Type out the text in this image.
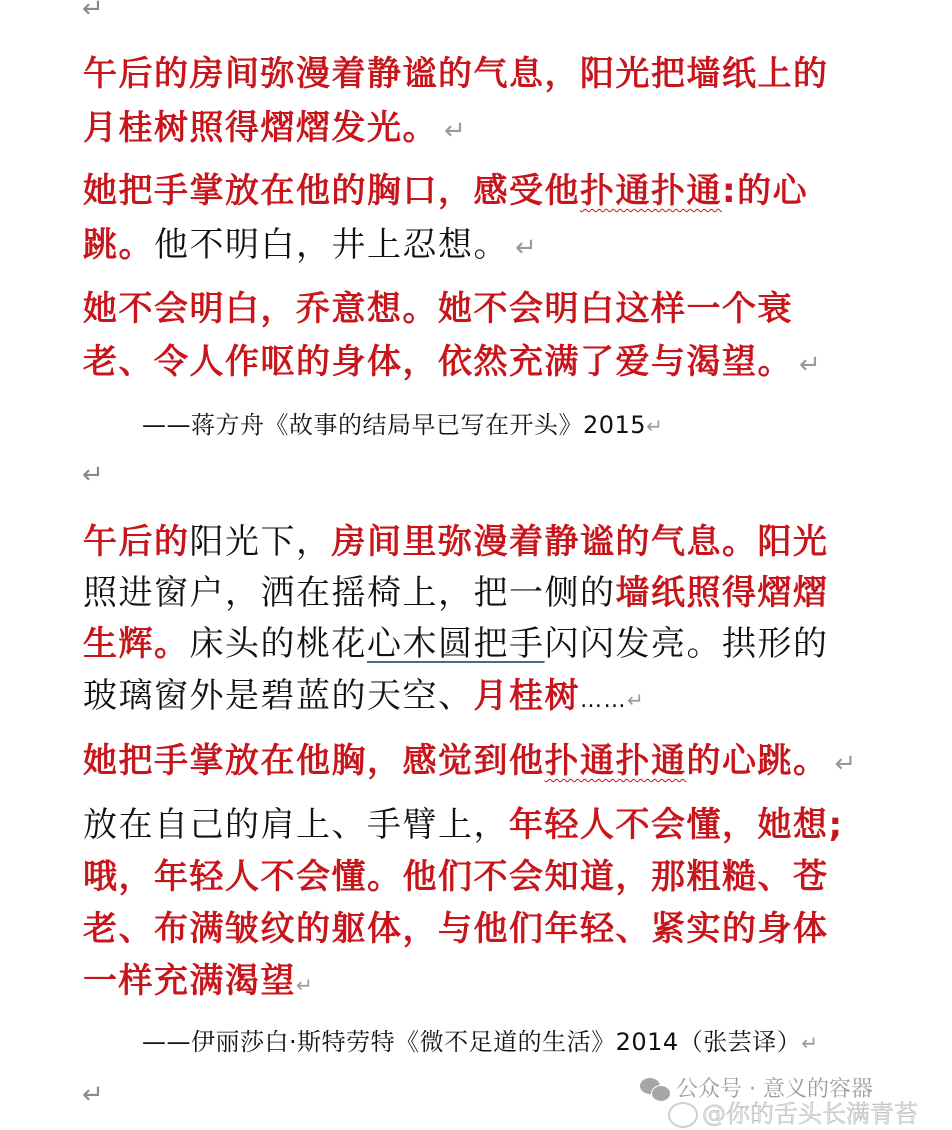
↵
午后的房间弥漫着静谧的气息，阳光把墙纸上的
月桂树照得熠熠发光。 ↵
她把手掌放在他的胸口，感受他扑通扑通:的心
跳。他不明白，井上忍想。 ↵
她不会明白，乔意想。她不会明白这样一个衰
老、令人作呕的身体，依然充满了爱与渴望。 ↵
——蒋方舟《故事的结局早已写在开头》2015↵
↵
午后的阳光下，房间里弥漫着静谧的气息。阳光
照进窗户，洒在摇椅上，把一侧的墙纸照得熠熠
生辉。床头的桃花心木圆把手闪闪发亮。拱形的
玻璃窗外是碧蓝的天空、月桂树……↵
她把手掌放在他胸，感觉到他扑通扑通的心跳。 ↵
放在自己的肩上、手臂上，年轻人不会懂，她想;
哦，年轻人不会懂。他们不会知道，那粗糙、苍
老、布满皱纹的躯体，与他们年轻、紧实的身体
一样充满渴望↵
——伊丽莎白·斯特劳特《微不足道的生活》2014（张芸译）↵
↵	公众号 · 意义的容器
@你的舌头长满青苔
